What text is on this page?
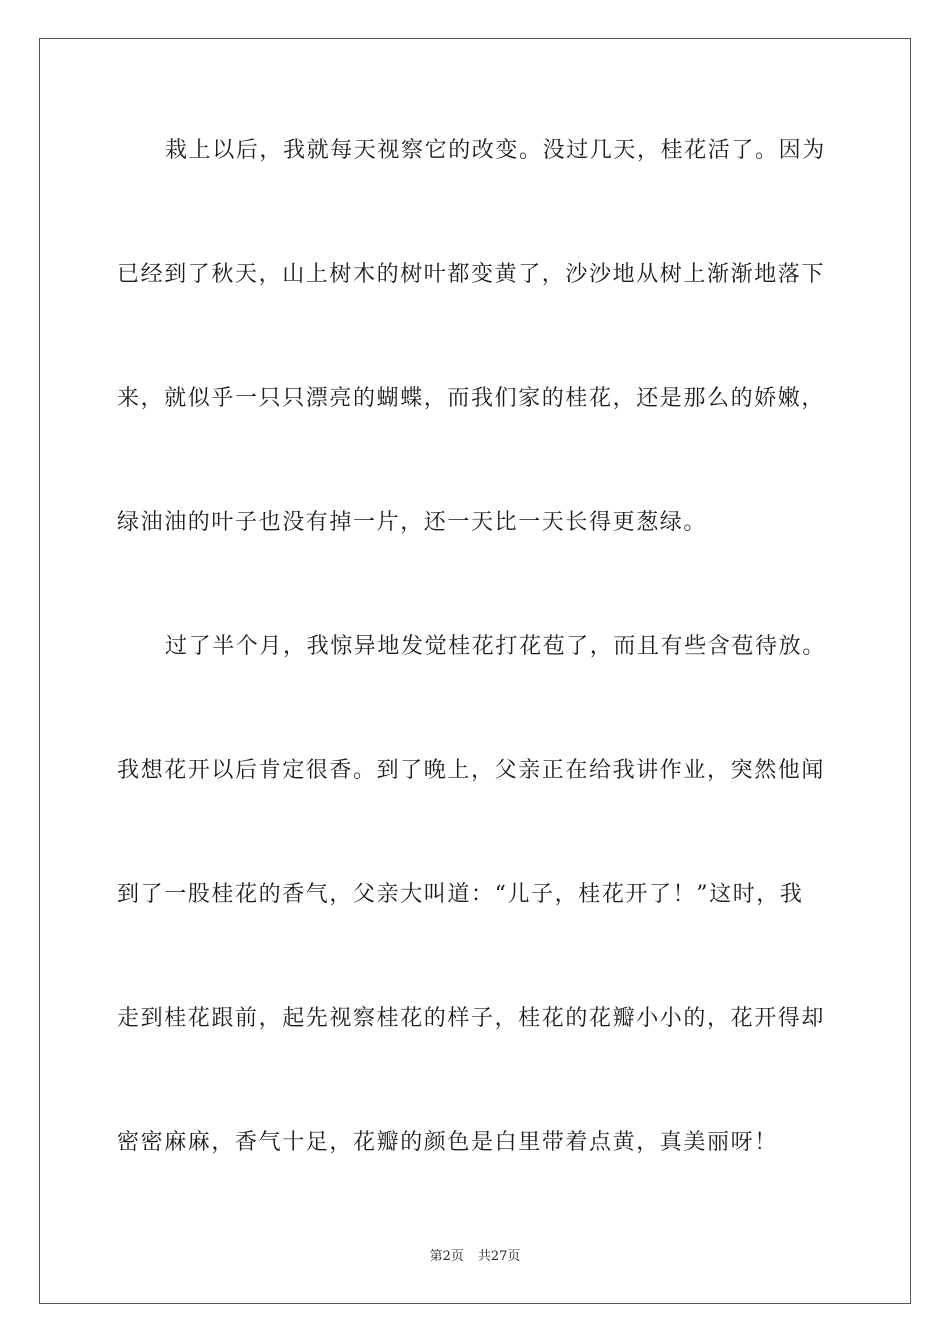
栽上以后，我就每天视察它的改变。没过几天，桂花活了。因为
已经到了秋天，山上树木的树叶都变黄了，沙沙地从树上渐渐地落下
来，就似乎一只只漂亮的蝴蝶，而我们家的桂花，还是那么的娇嫩，
绿油油的叶子也没有掉一片，还一天比一天长得更葱绿。
过了半个月，我惊异地发觉桂花打花苞了，而且有些含苞待放。
我想花开以后肯定很香。到了晚上，父亲正在给我讲作业，突然他闻
到了一股桂花的香气，父亲大叫道：“儿子，桂花开了！”这时，我
走到桂花跟前，起先视察桂花的样子，桂花的花瓣小小的，花开得却
密密麻麻，香气十足，花瓣的颜色是白里带着点黄，真美丽呀！
第2页 共27页
